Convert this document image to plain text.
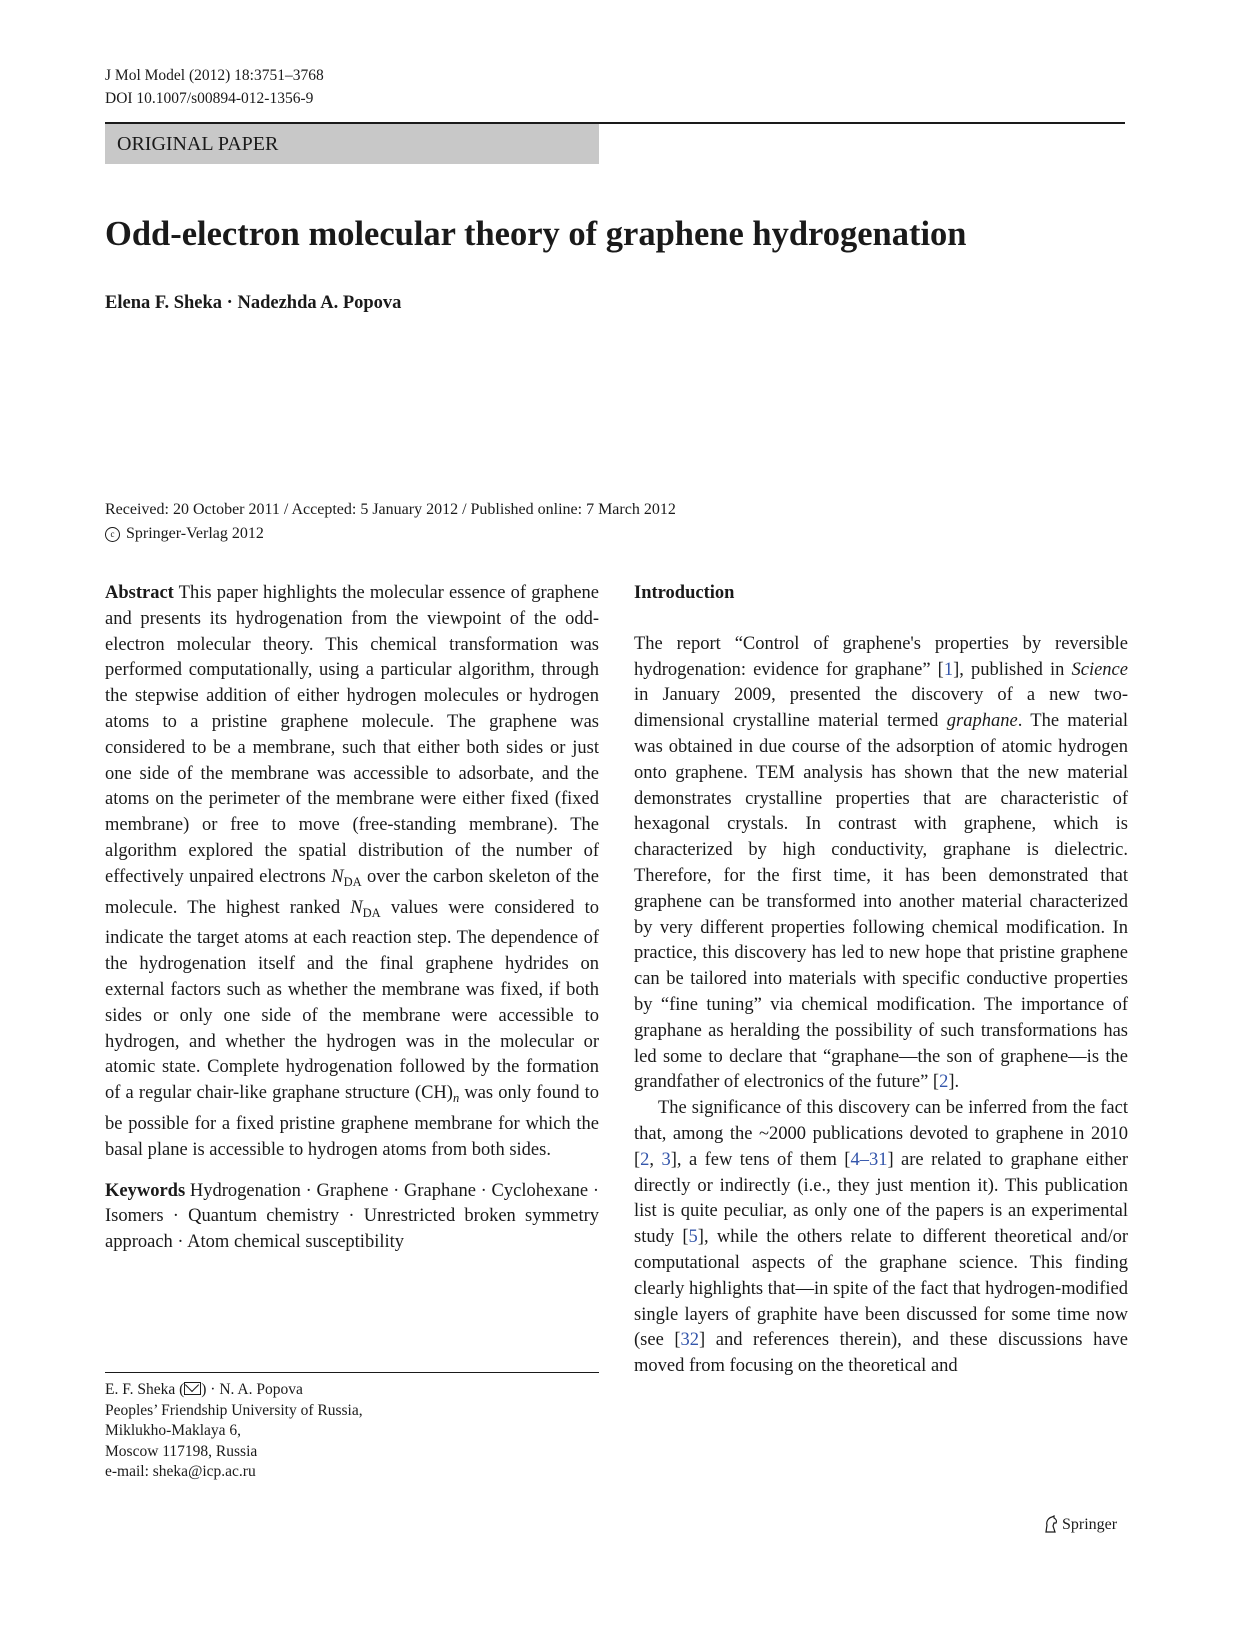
J Mol Model (2012) 18:3751–3768
DOI 10.1007/s00894-012-1356-9
ORIGINAL PAPER
Odd-electron molecular theory of graphene hydrogenation
Elena F. Sheka · Nadezhda A. Popova
Received: 20 October 2011 / Accepted: 5 January 2012 / Published online: 7 March 2012
c Springer-Verlag 2012

Abstract This paper highlights the molecular essence of graphene and presents its hydrogenation from the viewpoint of the odd-electron molecular theory. This chemical transformation was performed computationally, using a particular algorithm, through the stepwise addition of either hydrogen molecules or hydrogen atoms to a pristine graphene molecule. The graphene was considered to be a membrane, such that either both sides or just one side of the membrane was accessible to adsorbate, and the atoms on the perimeter of the membrane were either fixed (fixed membrane) or free to move (free-standing membrane). The algorithm explored the spatial distribution of the number of effectively unpaired electrons $N_{DA}$ over the carbon skeleton of the molecule. The highest ranked $N_{DA}$ values were considered to indicate the target atoms at each reaction step. The dependence of the hydrogenation itself and the final graphene hydrides on external factors such as whether the membrane was fixed, if both sides or only one side of the membrane were accessible to hydrogen, and whether the hydrogen was in the molecular or atomic state. Complete hydrogenation followed by the formation of a regular chair-like graphane structure $(CH)_n$ was only found to be possible for a fixed pristine graphene membrane for which the basal plane is accessible to hydrogen atoms from both sides.

Keywords Hydrogenation · Graphene · Graphane · Cyclohexane · Isomers · Quantum chemistry · Unrestricted broken symmetry approach · Atom chemical susceptibility

E. F. Sheka ( ) · N. A. Popova
Peoples’ Friendship University of Russia,
Miklukho-Maklaya 6,
Moscow 117198, Russia
e-mail: sheka@icp.ac.ru

Introduction

The report “Control of graphene's properties by reversible hydrogenation: evidence for graphane” [1], published in Science in January 2009, presented the discovery of a new two-dimensional crystalline material termed graphane. The material was obtained in due course of the adsorption of atomic hydrogen onto graphene. TEM analysis has shown that the new material demonstrates crystalline properties that are characteristic of hexagonal crystals. In contrast with graphene, which is characterized by high conductivity, graphane is dielectric. Therefore, for the first time, it has been demonstrated that graphene can be transformed into another material characterized by very different properties following chemical modification. In practice, this discovery has led to new hope that pristine graphene can be tailored into materials with specific conductive properties by “fine tuning” via chemical modification. The importance of graphane as heralding the possibility of such transformations has led some to declare that “graphane—the son of graphene—is the grandfather of electronics of the future” [2].

The significance of this discovery can be inferred from the fact that, among the ~2000 publications devoted to graphene in 2010 [2, 3], a few tens of them [4–31] are related to graphane either directly or indirectly (i.e., they just mention it). This publication list is quite peculiar, as only one of the papers is an experimental study [5], while the others relate to different theoretical and/or computational aspects of the graphane science. This finding clearly highlights that—in spite of the fact that hydrogen-modified single layers of graphite have been discussed for some time now (see [32] and references therein), and these discussions have moved from focusing on the theoretical and

Springer
